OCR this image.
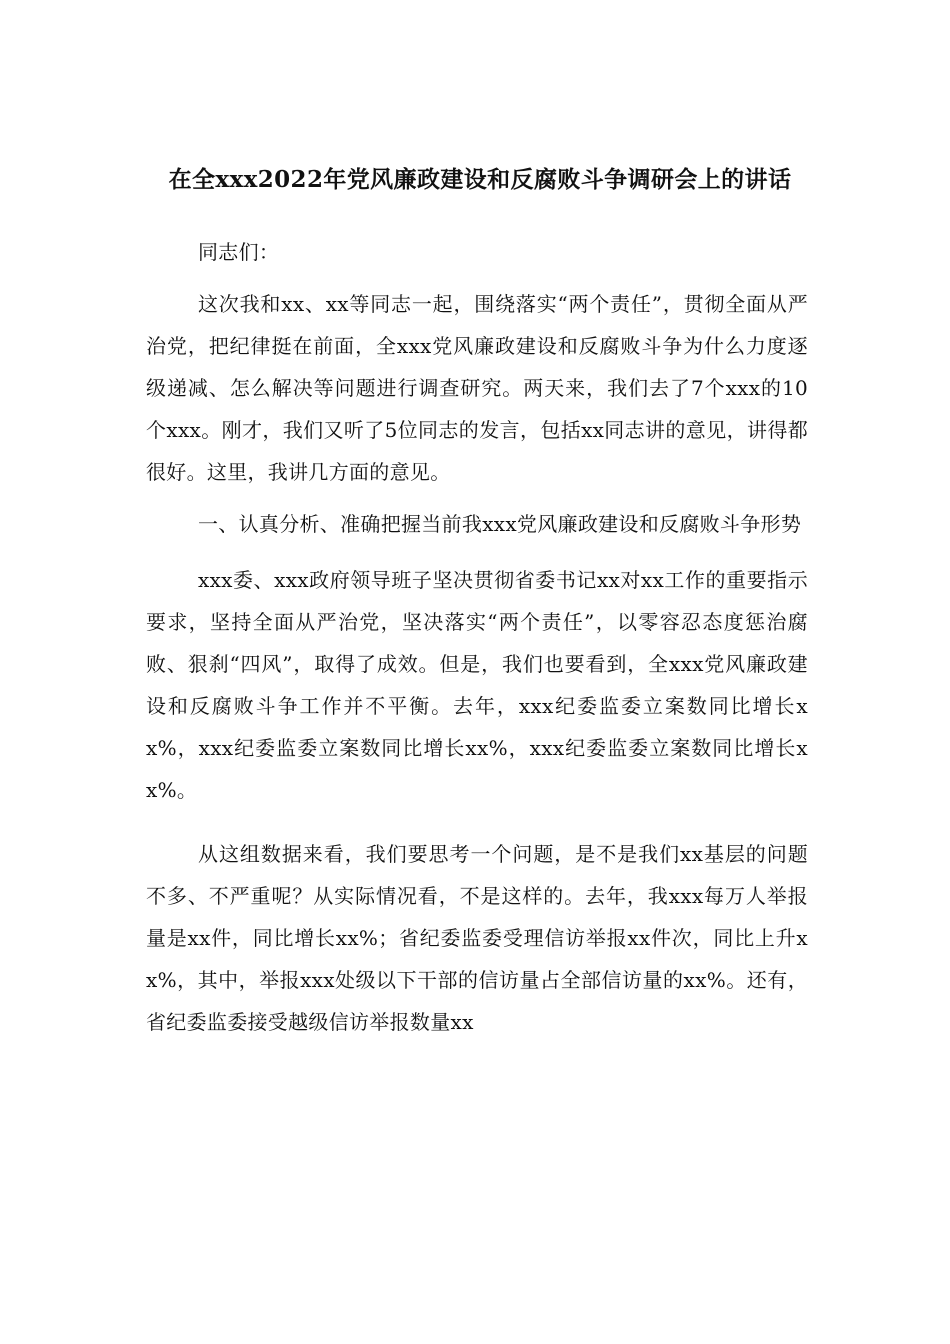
在全xxx2022年党风廉政建设和反腐败斗争调研会上的讲话

同志们：

这次我和xx、xx等同志一起，围绕落实“两个责任”，贯彻全面从严治党，把纪律挺在前面，全xxx党风廉政建设和反腐败斗争为什么力度逐级递减、怎么解决等问题进行调查研究。两天来，我们去了7个xxx的10个xxx。刚才，我们又听了5位同志的发言，包括xx同志讲的意见，讲得都很好。这里，我讲几方面的意见。

一、认真分析、准确把握当前我xxx党风廉政建设和反腐败斗争形势

xxx委、xxx政府领导班子坚决贯彻省委书记xx对xx工作的重要指示要求，坚持全面从严治党，坚决落实“两个责任”，以零容忍态度惩治腐败、狠刹“四风”，取得了成效。但是，我们也要看到，全xxx党风廉政建设和反腐败斗争工作并不平衡。去年，xxx纪委监委立案数同比增长xx%，xxx纪委监委立案数同比增长xx%，xxx纪委监委立案数同比增长xx%。

从这组数据来看，我们要思考一个问题，是不是我们xx基层的问题不多、不严重呢？从实际情况看，不是这样的。去年，我xxx每万人举报量是xx件，同比增长xx%；省纪委监委受理信访举报xx件次，同比上升xx%，其中，举报xxx处级以下干部的信访量占全部信访量的xx%。还有，省纪委监委接受越级信访举报数量xx
